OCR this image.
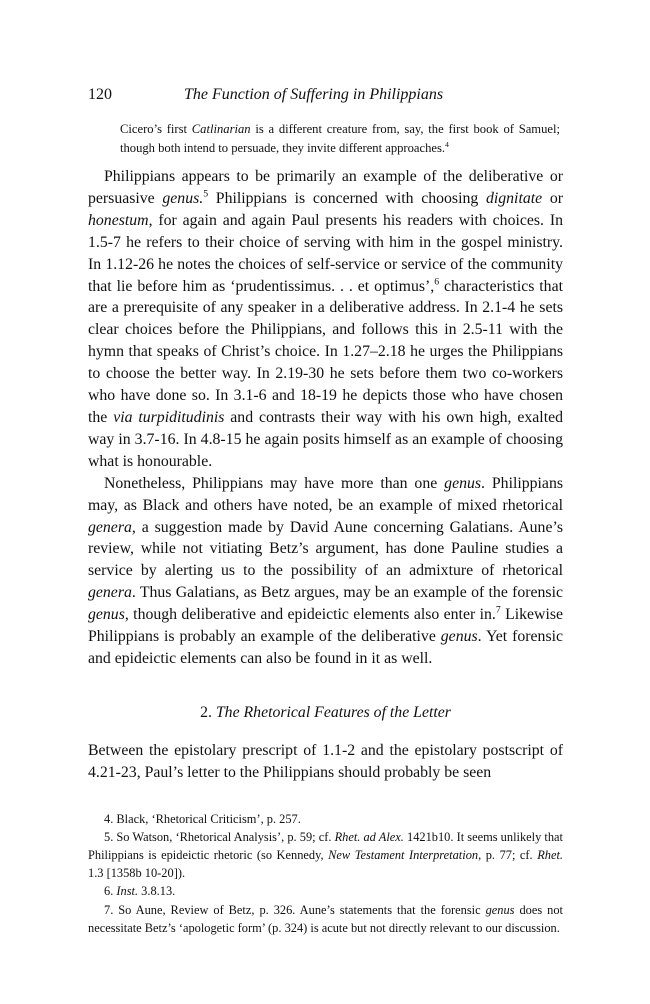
120	The Function of Suffering in Philippians
Cicero’s first Catlinarian is a different creature from, say, the first book of Samuel; though both intend to persuade, they invite different approaches.$^4$

Philippians appears to be primarily an example of the deliberative or persuasive genus.$^5$ Philippians is concerned with choosing dignitate or honestum, for again and again Paul presents his readers with choices. In 1.5-7 he refers to their choice of serving with him in the gospel ministry. In 1.12-26 he notes the choices of self-service or service of the community that lie before him as ‘prudentissimus. . . et optimus’,$^6$ characteristics that are a prerequisite of any speaker in a deliberative address. In 2.1-4 he sets clear choices before the Philippians, and follows this in 2.5-11 with the hymn that speaks of Christ’s choice. In 1.27–2.18 he urges the Philippians to choose the better way. In 2.19-30 he sets before them two co-workers who have done so. In 3.1-6 and 18-19 he depicts those who have chosen the via turpiditudinis and contrasts their way with his own high, exalted way in 3.7-16. In 4.8-15 he again posits himself as an example of choosing what is honourable.

Nonetheless, Philippians may have more than one genus. Philippians may, as Black and others have noted, be an example of mixed rhetorical genera, a suggestion made by David Aune concerning Galatians. Aune’s review, while not vitiating Betz’s argument, has done Pauline studies a service by alerting us to the possibility of an admixture of rhetorical genera. Thus Galatians, as Betz argues, may be an example of the forensic genus, though deliberative and epideictic elements also enter in.$^7$ Likewise Philippians is probably an example of the deliberative genus. Yet forensic and epideictic elements can also be found in it as well.

2. The Rhetorical Features of the Letter

Between the epistolary prescript of 1.1-2 and the epistolary postscript of 4.21-23, Paul’s letter to the Philippians should probably be seen

4. Black, ‘Rhetorical Criticism’, p. 257.

5. So Watson, ‘Rhetorical Analysis’, p. 59; cf. Rhet. ad Alex. 1421b10. It seems unlikely that Philippians is epideictic rhetoric (so Kennedy, New Testament Interpretation, p. 77; cf. Rhet. 1.3 [1358b 10-20]).

6. Inst. 3.8.13.

7. So Aune, Review of Betz, p. 326. Aune’s statements that the forensic genus does not necessitate Betz’s ‘apologetic form’ (p. 324) is acute but not directly relevant to our discussion.
